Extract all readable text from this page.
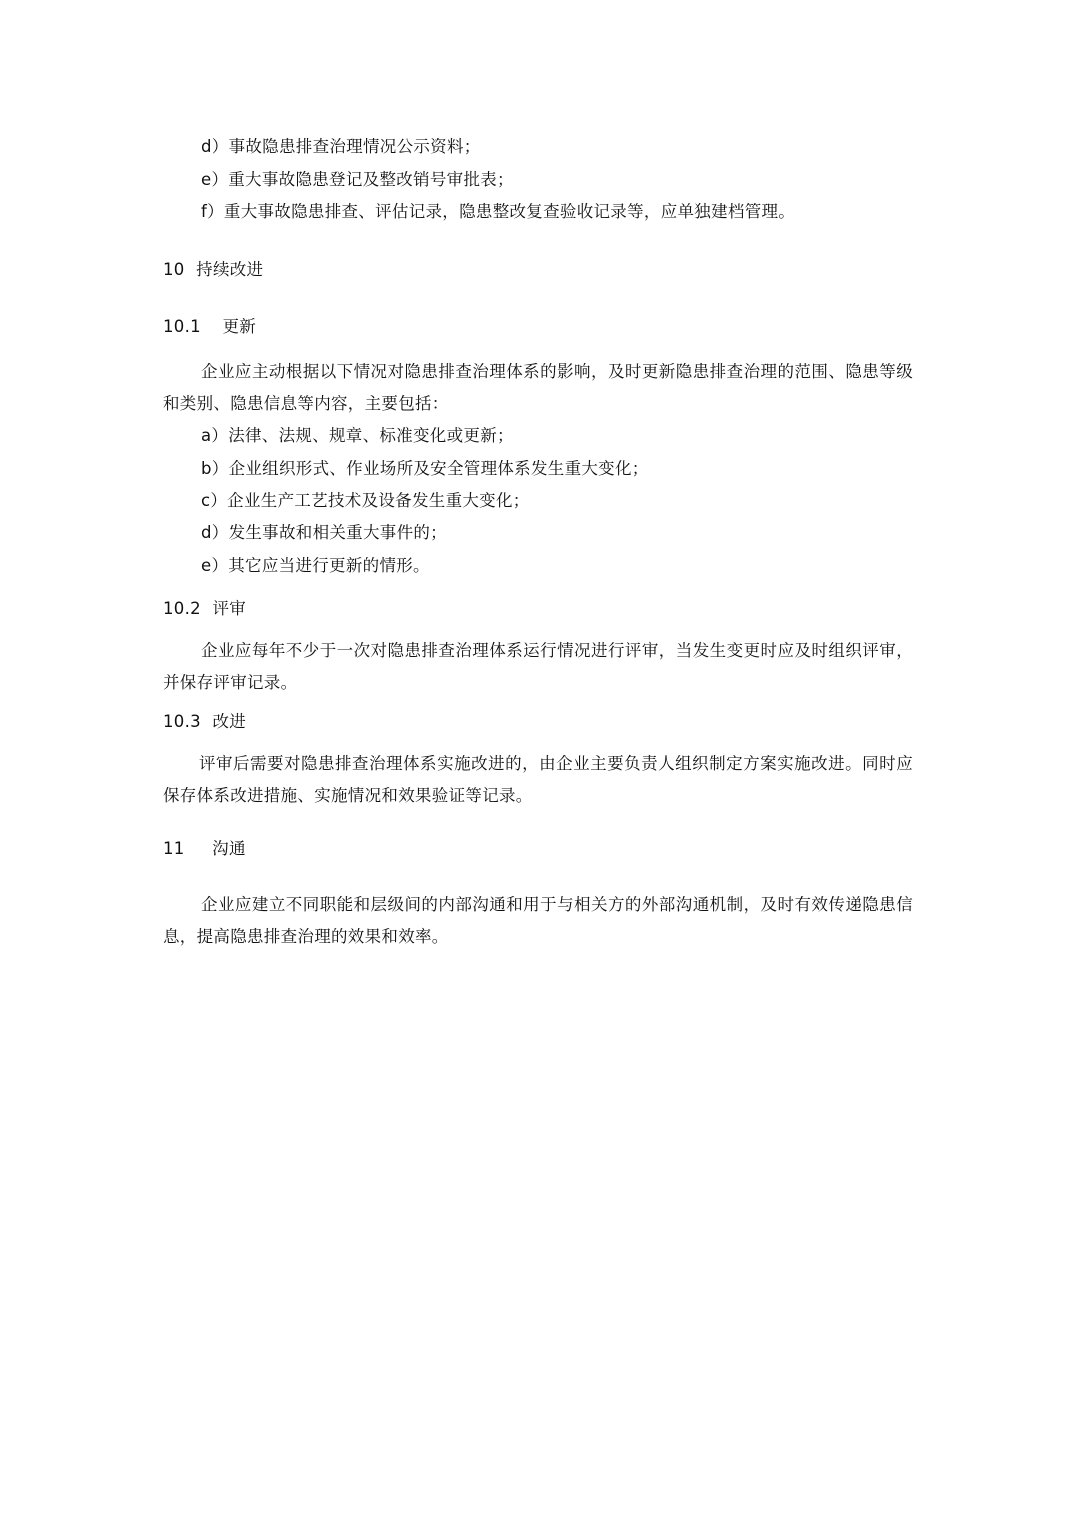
d）事故隐患排查治理情况公示资料；
e）重大事故隐患登记及整改销号审批表；
f）重大事故隐患排查、评估记录，隐患整改复查验收记录等，应单独建档管理。
10 持续改进
10.1 更新
企业应主动根据以下情况对隐患排查治理体系的影响，及时更新隐患排查治理的范围、隐患等级和类别、隐患信息等内容，主要包括：
a）法律、法规、规章、标准变化或更新；
b）企业组织形式、作业场所及安全管理体系发生重大变化；
c）企业生产工艺技术及设备发生重大变化；
d）发生事故和相关重大事件的；
e）其它应当进行更新的情形。
10.2 评审
企业应每年不少于一次对隐患排查治理体系运行情况进行评审，当发生变更时应及时组织评审，并保存评审记录。
10.3 改进
评审后需要对隐患排查治理体系实施改进的，由企业主要负责人组织制定方案实施改进。同时应保存体系改进措施、实施情况和效果验证等记录。
11 沟通
企业应建立不同职能和层级间的内部沟通和用于与相关方的外部沟通机制，及时有效传递隐患信息，提高隐患排查治理的效果和效率。
